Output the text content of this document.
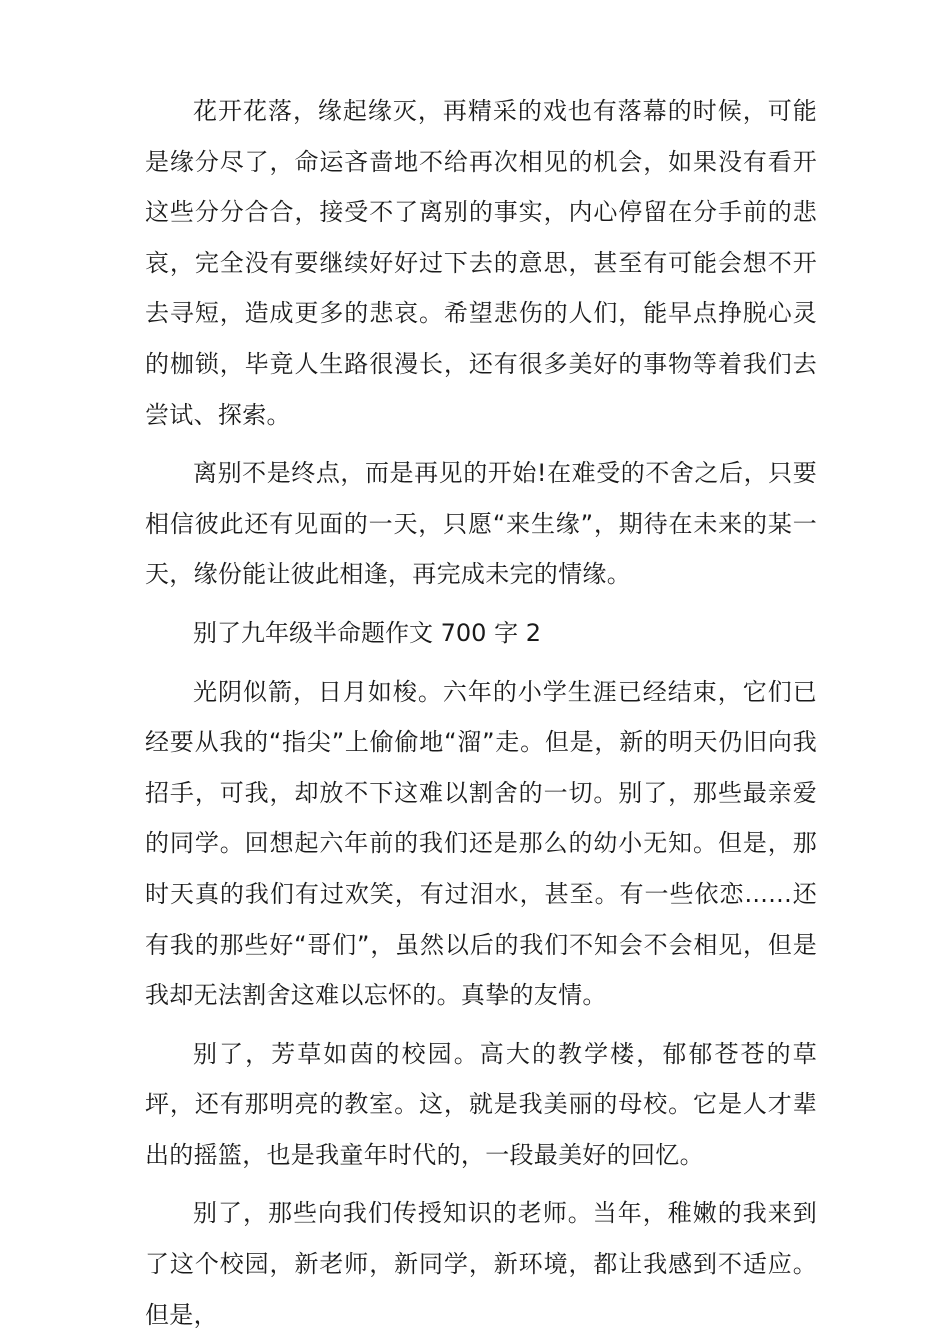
花开花落，缘起缘灭，再精采的戏也有落幕的时候，可能是缘分尽了，命运吝啬地不给再次相见的机会，如果没有看开这些分分合合，接受不了离别的事实，内心停留在分手前的悲哀，完全没有要继续好好过下去的意思，甚至有可能会想不开去寻短，造成更多的悲哀。希望悲伤的人们，能早点挣脱心灵的枷锁，毕竟人生路很漫长，还有很多美好的事物等着我们去尝试、探索。

离别不是终点，而是再见的开始!在难受的不舍之后，只要相信彼此还有见面的一天，只愿“来生缘”，期待在未来的某一天，缘份能让彼此相逢，再完成未完的情缘。

别了九年级半命题作文 700 字 2

光阴似箭，日月如梭。六年的小学生涯已经结束，它们已经要从我的“指尖”上偷偷地“溜”走。但是，新的明天仍旧向我招手，可我，却放不下这难以割舍的一切。别了，那些最亲爱的同学。回想起六年前的我们还是那么的幼小无知。但是，那时天真的我们有过欢笑，有过泪水，甚至。有一些依恋......还有我的那些好“哥们”，虽然以后的我们不知会不会相见，但是我却无法割舍这难以忘怀的。真挚的友情。

别了，芳草如茵的校园。高大的教学楼，郁郁苍苍的草坪，还有那明亮的教室。这，就是我美丽的母校。它是人才辈出的摇篮，也是我童年时代的，一段最美好的回忆。

别了，那些向我们传授知识的老师。当年，稚嫩的我来到了这个校园，新老师，新同学，新环境，都让我感到不适应。但是，
